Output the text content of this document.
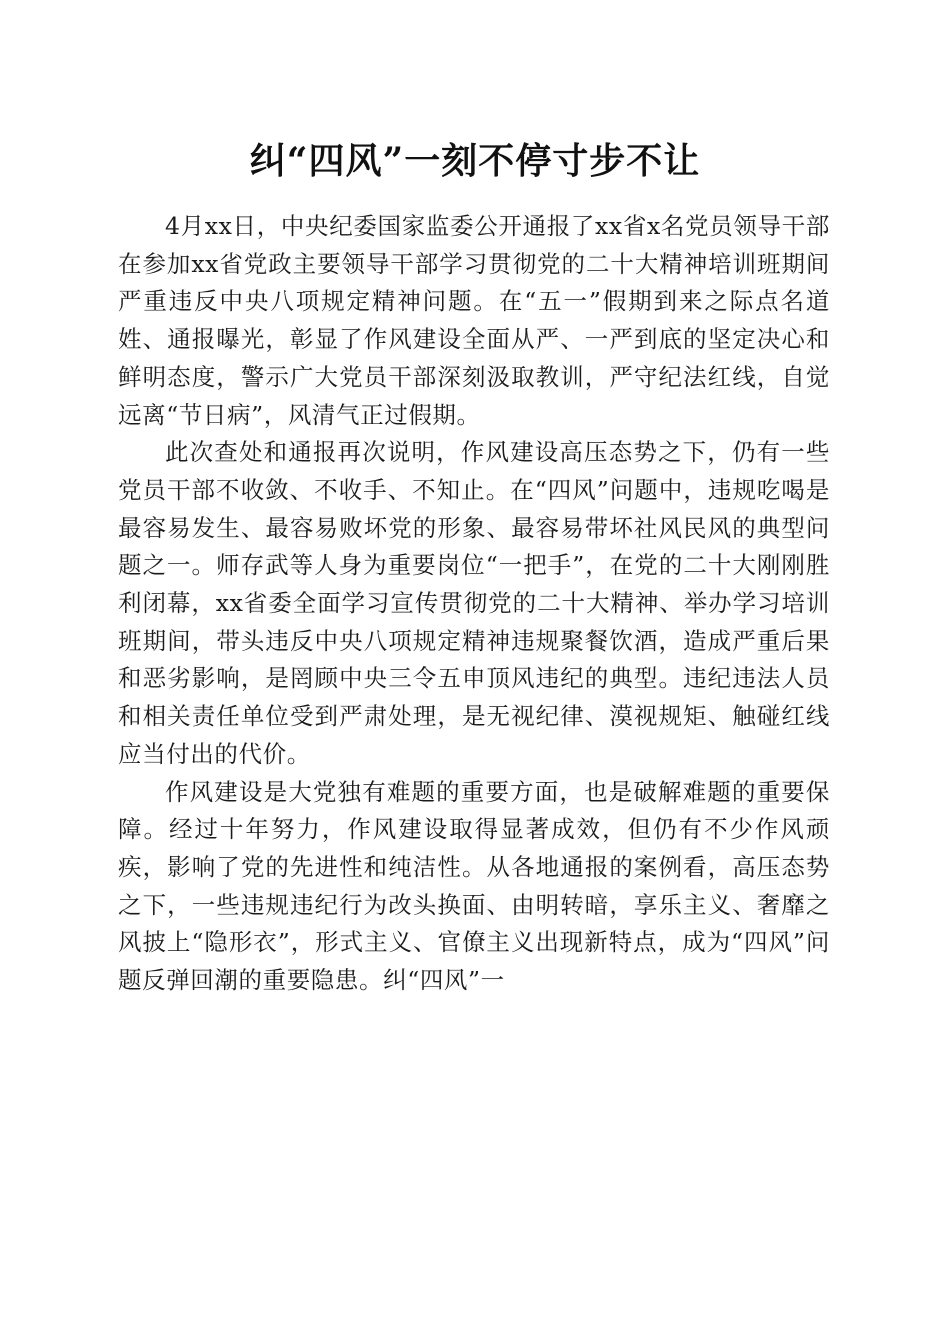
纠“四风”一刻不停寸步不让

4月xx日，中央纪委国家监委公开通报了xx省x名党员领导干部在参加xx省党政主要领导干部学习贯彻党的二十大精神培训班期间严重违反中央八项规定精神问题。在“五一”假期到来之际点名道姓、通报曝光，彰显了作风建设全面从严、一严到底的坚定决心和鲜明态度，警示广大党员干部深刻汲取教训，严守纪法红线，自觉远离“节日病”，风清气正过假期。

此次查处和通报再次说明，作风建设高压态势之下，仍有一些党员干部不收敛、不收手、不知止。在“四风”问题中，违规吃喝是最容易发生、最容易败坏党的形象、最容易带坏社风民风的典型问题之一。师存武等人身为重要岗位“一把手”，在党的二十大刚刚胜利闭幕，xx省委全面学习宣传贯彻党的二十大精神、举办学习培训班期间，带头违反中央八项规定精神违规聚餐饮酒，造成严重后果和恶劣影响，是罔顾中央三令五申顶风违纪的典型。违纪违法人员和相关责任单位受到严肃处理，是无视纪律、漠视规矩、触碰红线应当付出的代价。

作风建设是大党独有难题的重要方面，也是破解难题的重要保障。经过十年努力，作风建设取得显著成效，但仍有不少作风顽疾，影响了党的先进性和纯洁性。从各地通报的案例看，高压态势之下，一些违规违纪行为改头换面、由明转暗，享乐主义、奢靡之风披上“隐形衣”，形式主义、官僚主义出现新特点，成为“四风”问题反弹回潮的重要隐患。纠“四风”一
